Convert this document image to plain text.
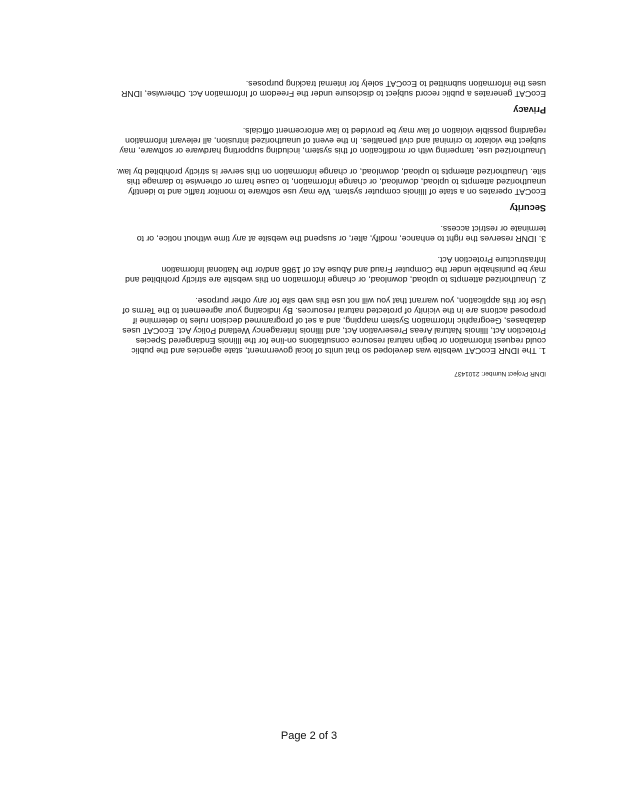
IDNR Project Number: 2101437
1. The IDNR EcoCAT website was developed so that units of local government, state agencies and the public
could request information or begin natural resource consultations on-line for the Illinois Endangered Species
Protection Act, Illinois Natural Areas Preservation Act, and Illinois Interagency Wetland Policy Act. EcoCAT uses
databases, Geographic Information System mapping, and a set of programmed decision rules to determine if
proposed actions are in the vicinity of protected natural resources. By indicating your agreement to the Terms of
Use for this application, you warrant that you will not use this web site for any other purpose.
2. Unauthorized attempts to upload, download, or change information on this website are strictly prohibited and
may be punishable under the Computer Fraud and Abuse Act of 1986 and/or the National Information
Infrastructure Protection Act.
3. IDNR reserves the right to enhance, modify, alter, or suspend the website at any time without notice, or to
terminate or restrict access.
Security
EcoCAT operates on a state of Illinois computer system. We may use software to monitor traffic and to identify
unauthorized attempts to upload, download, or change information, to cause harm or otherwise to damage this
site. Unauthorized attempts to upload, download, or change information on this server is strictly prohibited by law.
Unauthorized use, tampering with or modification of this system, including supporting hardware or software, may
subject the violator to criminal and civil penalties. In the event of unauthorized intrusion, all relevant information
regarding possible violation of law may be provided to law enforcement officials.
Privacy
EcoCAT generates a public record subject to disclosure under the Freedom of Information Act. Otherwise, IDNR
uses the information submitted to EcoCAT solely for internal tracking purposes.
Page 2 of 3
